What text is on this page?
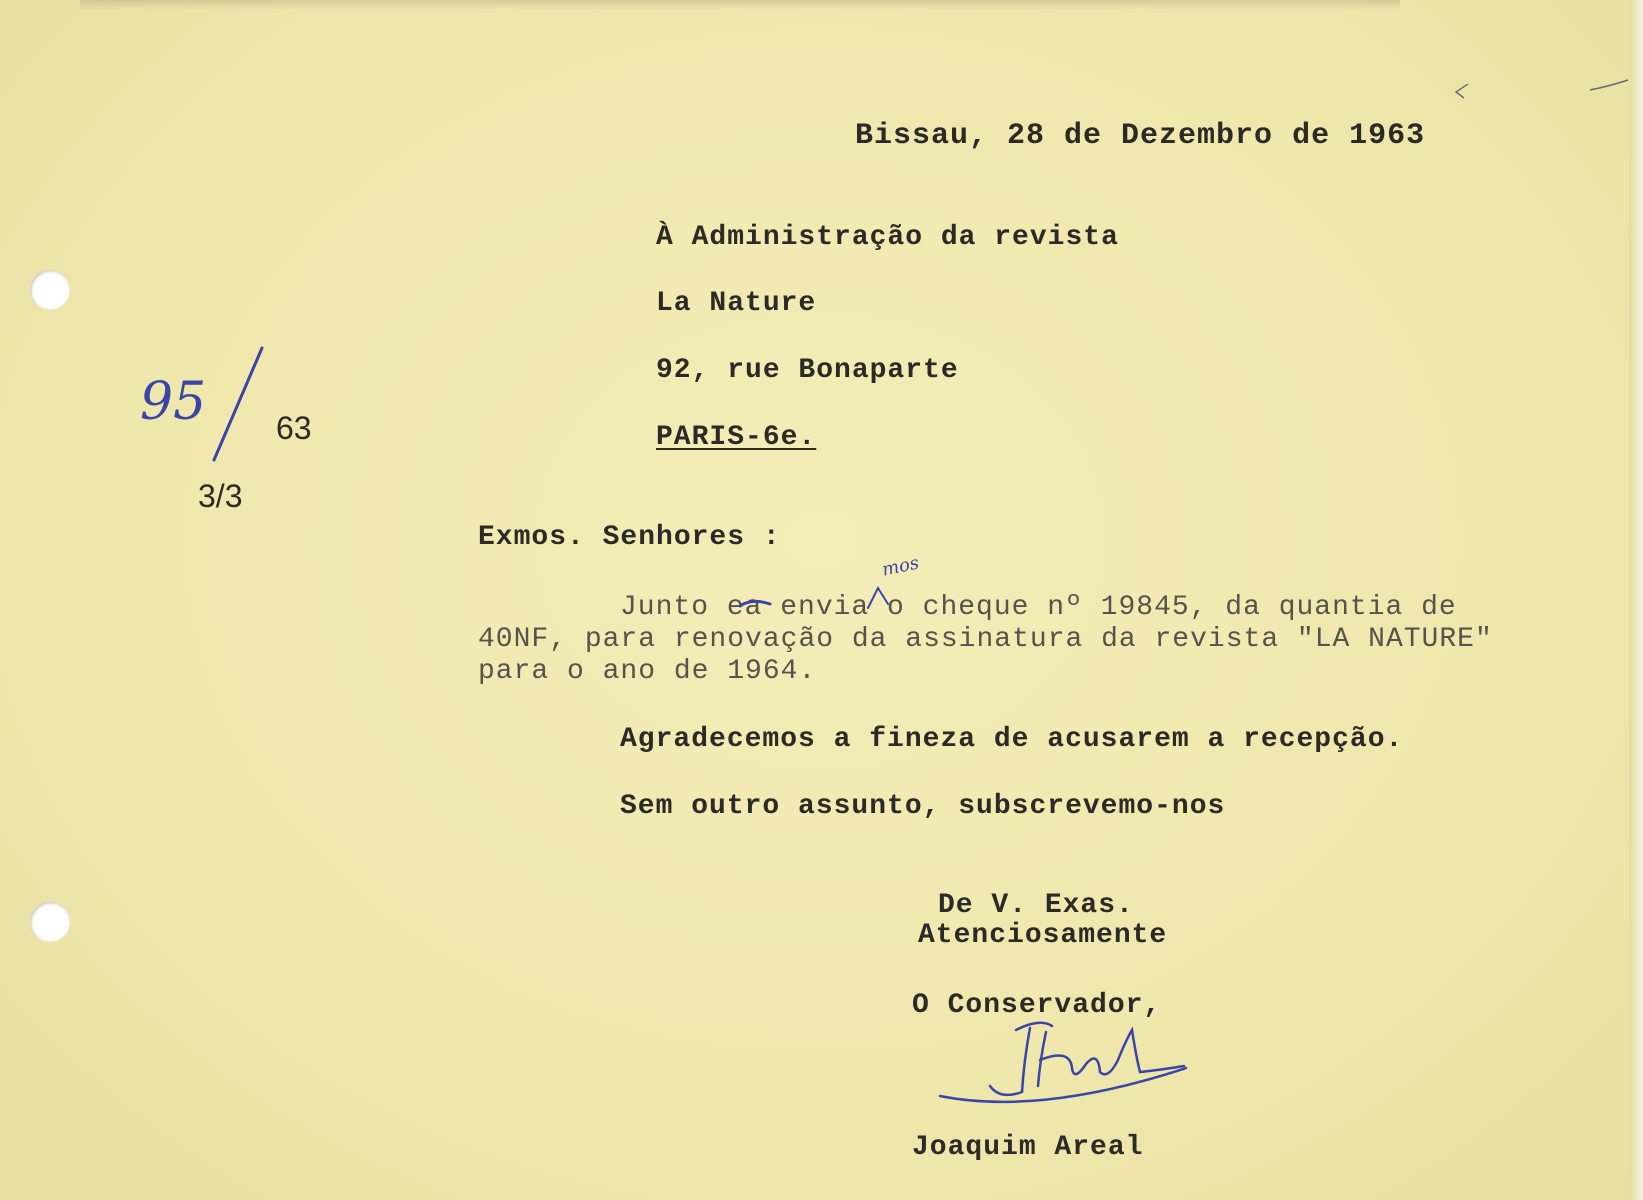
Bissau, 28 de Dezembro de 1963
À Administração da revista
La Nature
92, rue Bonaparte
PARIS-6e.
95 63
3/3
Exmos. Senhores :
Junto ea envia o cheque nº 19845, da quantia de
40NF, para renovação da assinatura da revista "LA NATURE"
para o ano de 1964.
mos
Agradecemos a fineza de acusarem a recepção.
Sem outro assunto, subscrevemo-nos
De V. Exas.
Atenciosamente
O Conservador,
Joaquim Areal
